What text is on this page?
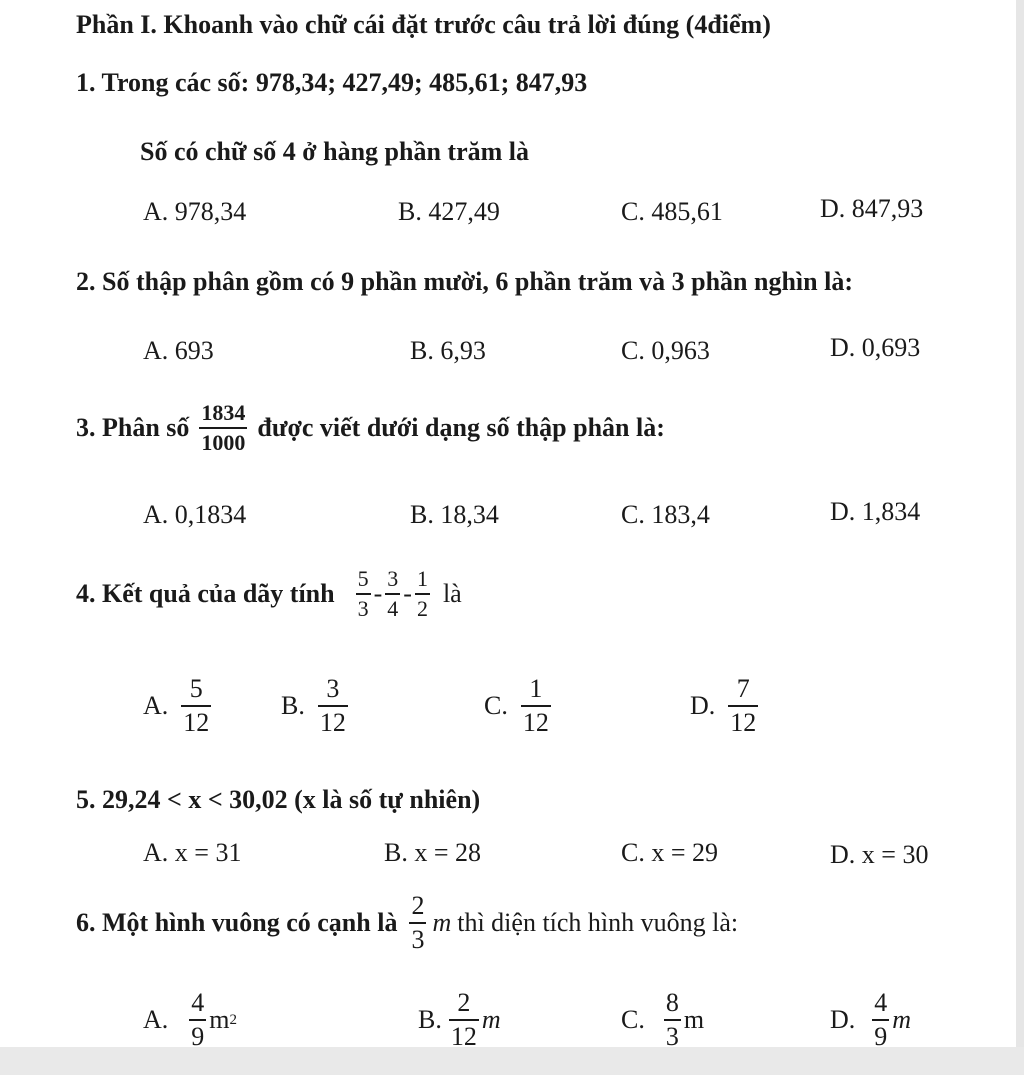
Phần I. Khoanh vào chữ cái đặt trước câu trả lời đúng (4điểm)
1. Trong các số: 978,34; 427,49; 485,61; 847,93
Số có chữ số 4 ở hàng phần trăm là
A. 978,34	B. 427,49	C. 485,61	D. 847,93
2. Số thập phân gồm có 9 phần mười, 6 phần trăm và 3 phần nghìn là:
A. 693	B. 6,93	C. 0,963	D. 0,693
3. Phân số $\frac{1834}{1000}$ được viết dưới dạng số thập phân là:
A. 0,1834	B. 18,34	C. 183,4	D. 1,834
4. Kết quả của dãy tính $\frac{5}{3} - \frac{3}{4} - \frac{1}{2}$ là
A. $\frac{5}{12}$	B. $\frac{3}{12}$	C. $\frac{1}{12}$	D. $\frac{7}{12}$
5. 29,24 < x < 30,02 (x là số tự nhiên)
A. x = 31	B. x = 28	C. x = 29	D. x = 30
6. Một hình vuông có cạnh là $\frac{2}{3}$ m thì diện tích hình vuông là:
A. $\frac{4}{9}$ m 2	B. $\frac{2}{12}$ m	C. $\frac{8}{3}$ m	D. $\frac{4}{9}$ m
